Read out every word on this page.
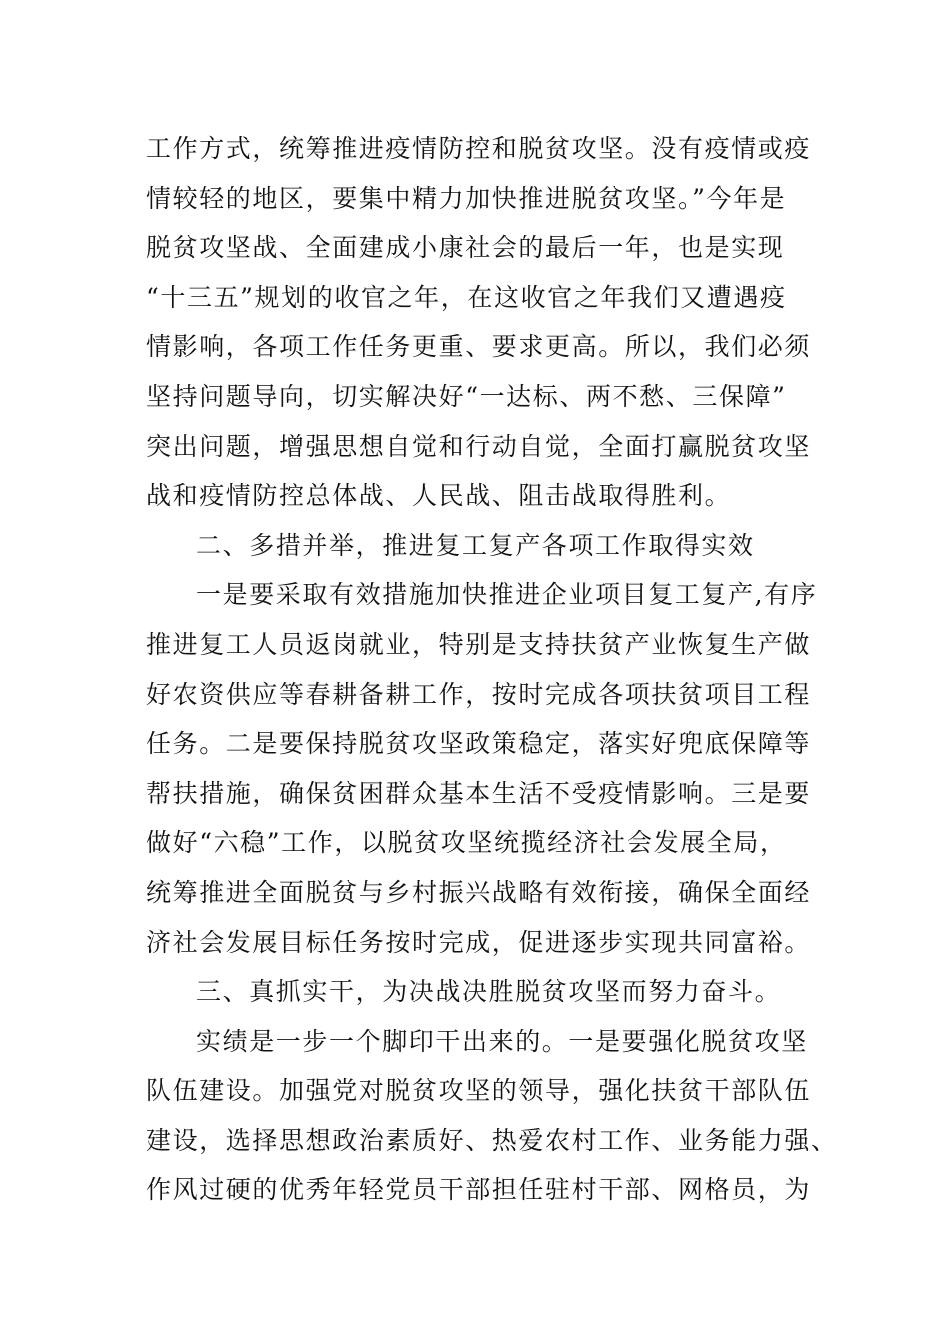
工作方式，统筹推进疫情防控和脱贫攻坚。没有疫情或疫
情较轻的地区，要集中精力加快推进脱贫攻坚。”今年是
脱贫攻坚战、全面建成小康社会的最后一年，也是实现
“十三五”规划的收官之年，在这收官之年我们又遭遇疫
情影响，各项工作任务更重、要求更高。所以，我们必须
坚持问题导向，切实解决好“一达标、两不愁、三保障”
突出问题，增强思想自觉和行动自觉，全面打赢脱贫攻坚
战和疫情防控总体战、人民战、阻击战取得胜利。
二、多措并举，推进复工复产各项工作取得实效
一是要采取有效措施加快推进企业项目复工复产,有序
推进复工人员返岗就业，特别是支持扶贫产业恢复生产做
好农资供应等春耕备耕工作，按时完成各项扶贫项目工程
任务。二是要保持脱贫攻坚政策稳定，落实好兜底保障等
帮扶措施，确保贫困群众基本生活不受疫情影响。三是要
做好“六稳”工作，以脱贫攻坚统揽经济社会发展全局，
统筹推进全面脱贫与乡村振兴战略有效衔接，确保全面经
济社会发展目标任务按时完成，促进逐步实现共同富裕。
三、真抓实干，为决战决胜脱贫攻坚而努力奋斗。
实绩是一步一个脚印干出来的。一是要强化脱贫攻坚
队伍建设。加强党对脱贫攻坚的领导，强化扶贫干部队伍
建设，选择思想政治素质好、热爱农村工作、业务能力强、
作风过硬的优秀年轻党员干部担任驻村干部、网格员，为
